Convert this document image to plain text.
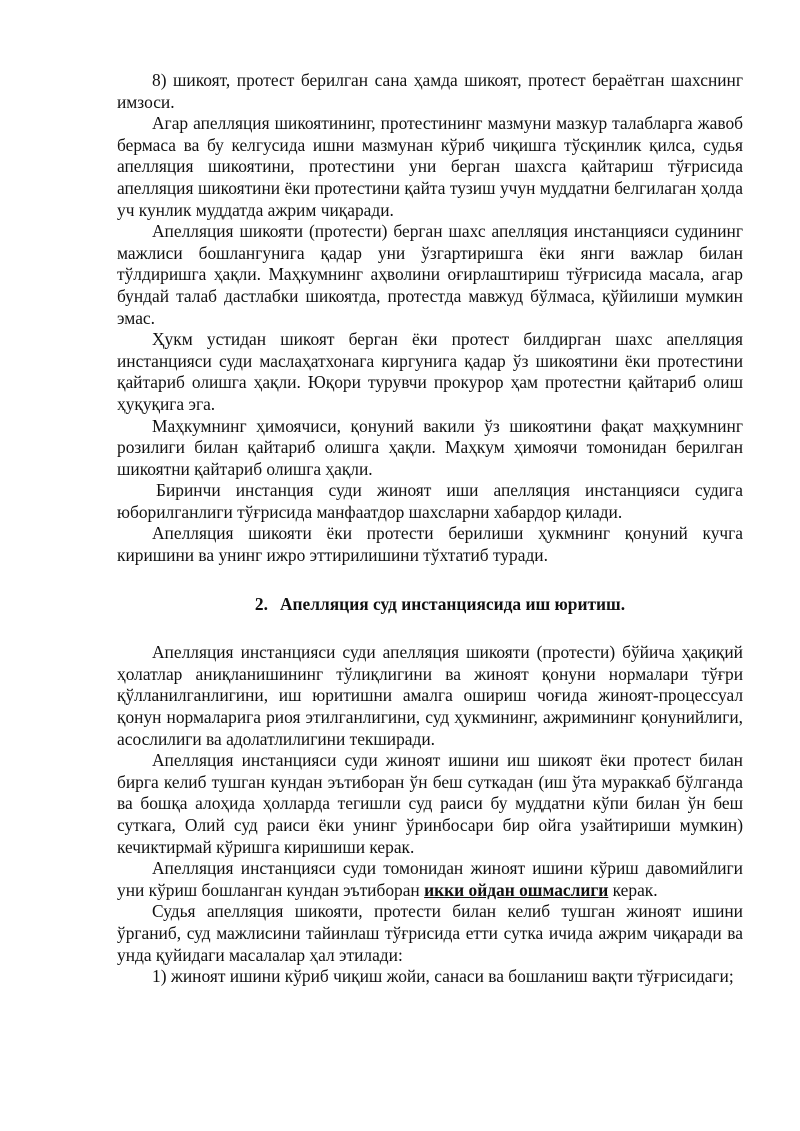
8) шикоят, протест берилган сана ҳамда шикоят, протест бераётган шахснинг имзоси.

Агар апелляция шикоятининг, протестининг мазмуни мазкур талабларга жавоб бермаса ва бу келгусида ишни мазмунан кўриб чиқишга тўсқинлик қилса, судья апелляция шикоятини, протестини уни берган шахсга қайтариш тўғрисида апелляция шикоятини ёки протестини қайта тузиш учун муддатни белгилаган ҳолда уч кунлик муддатда ажрим чиқаради.

Апелляция шикояти (протести) берган шахс апелляция инстанцияси судининг мажлиси бошлангунига қадар уни ўзгартиришга ёки янги важлар билан тўлдиришга ҳақли. Маҳкумнинг аҳволини оғирлаштириш тўғрисида масала, агар бундай талаб дастлабки шикоятда, протестда мавжуд бўлмаса, қўйилиши мумкин эмас.

Ҳукм устидан шикоят берган ёки протест билдирган шахс апелляция инстанцияси суди маслаҳатхонага киргунига қадар ўз шикоятини ёки протестини қайтариб олишга ҳақли. Юқори турувчи прокурор ҳам протестни қайтариб олиш ҳуқуқига эга.

Маҳкумнинг ҳимоячиси, қонуний вакили ўз шикоятини фақат маҳкумнинг розилиги билан қайтариб олишга ҳақли. Маҳкум ҳимоячи томонидан берилган шикоятни қайтариб олишга ҳақли.

Биринчи инстанция суди жиноят иши апелляция инстанцияси судига юборилганлиги тўғрисида манфаатдор шахсларни хабардор қилади.

Апелляция шикояти ёки протести берилиши ҳукмнинг қонуний кучга киришини ва унинг ижро эттирилишини тўхтатиб туради.

2. Апелляция суд инстанциясида иш юритиш.

Апелляция инстанцияси суди апелляция шикояти (протести) бўйича ҳақиқий ҳолатлар аниқланишининг тўлиқлигини ва жиноят қонуни нормалари тўғри қўлланилганлигини, иш юритишни амалга ошириш чоғида жиноят-процессуал қонун нормаларига риоя этилганлигини, суд ҳукмининг, ажримининг қонунийлиги, асослилиги ва адолатлилигини текширади.

Апелляция инстанцияси суди жиноят ишини иш шикоят ёки протест билан бирга келиб тушган кундан эътиборан ўн беш суткадан (иш ўта мураккаб бўлганда ва бошқа алоҳида ҳолларда тегишли суд раиси бу муддатни кўпи билан ўн беш суткага, Олий суд раиси ёки унинг ўринбосари бир ойга узайтириши мумкин) кечиктирмай кўришга киришиши керак.

Апелляция инстанцияси суди томонидан жиноят ишини кўриш давомийлиги уни кўриш бошланган кундан эътиборан икки ойдан ошмаслиги керак.

Судья апелляция шикояти, протести билан келиб тушган жиноят ишини ўрганиб, суд мажлисини тайинлаш тўғрисида етти сутка ичида ажрим чиқаради ва унда қуйидаги масалалар ҳал этилади:

1) жиноят ишини кўриб чиқиш жойи, санаси ва бошланиш вақти тўғрисидаги;
